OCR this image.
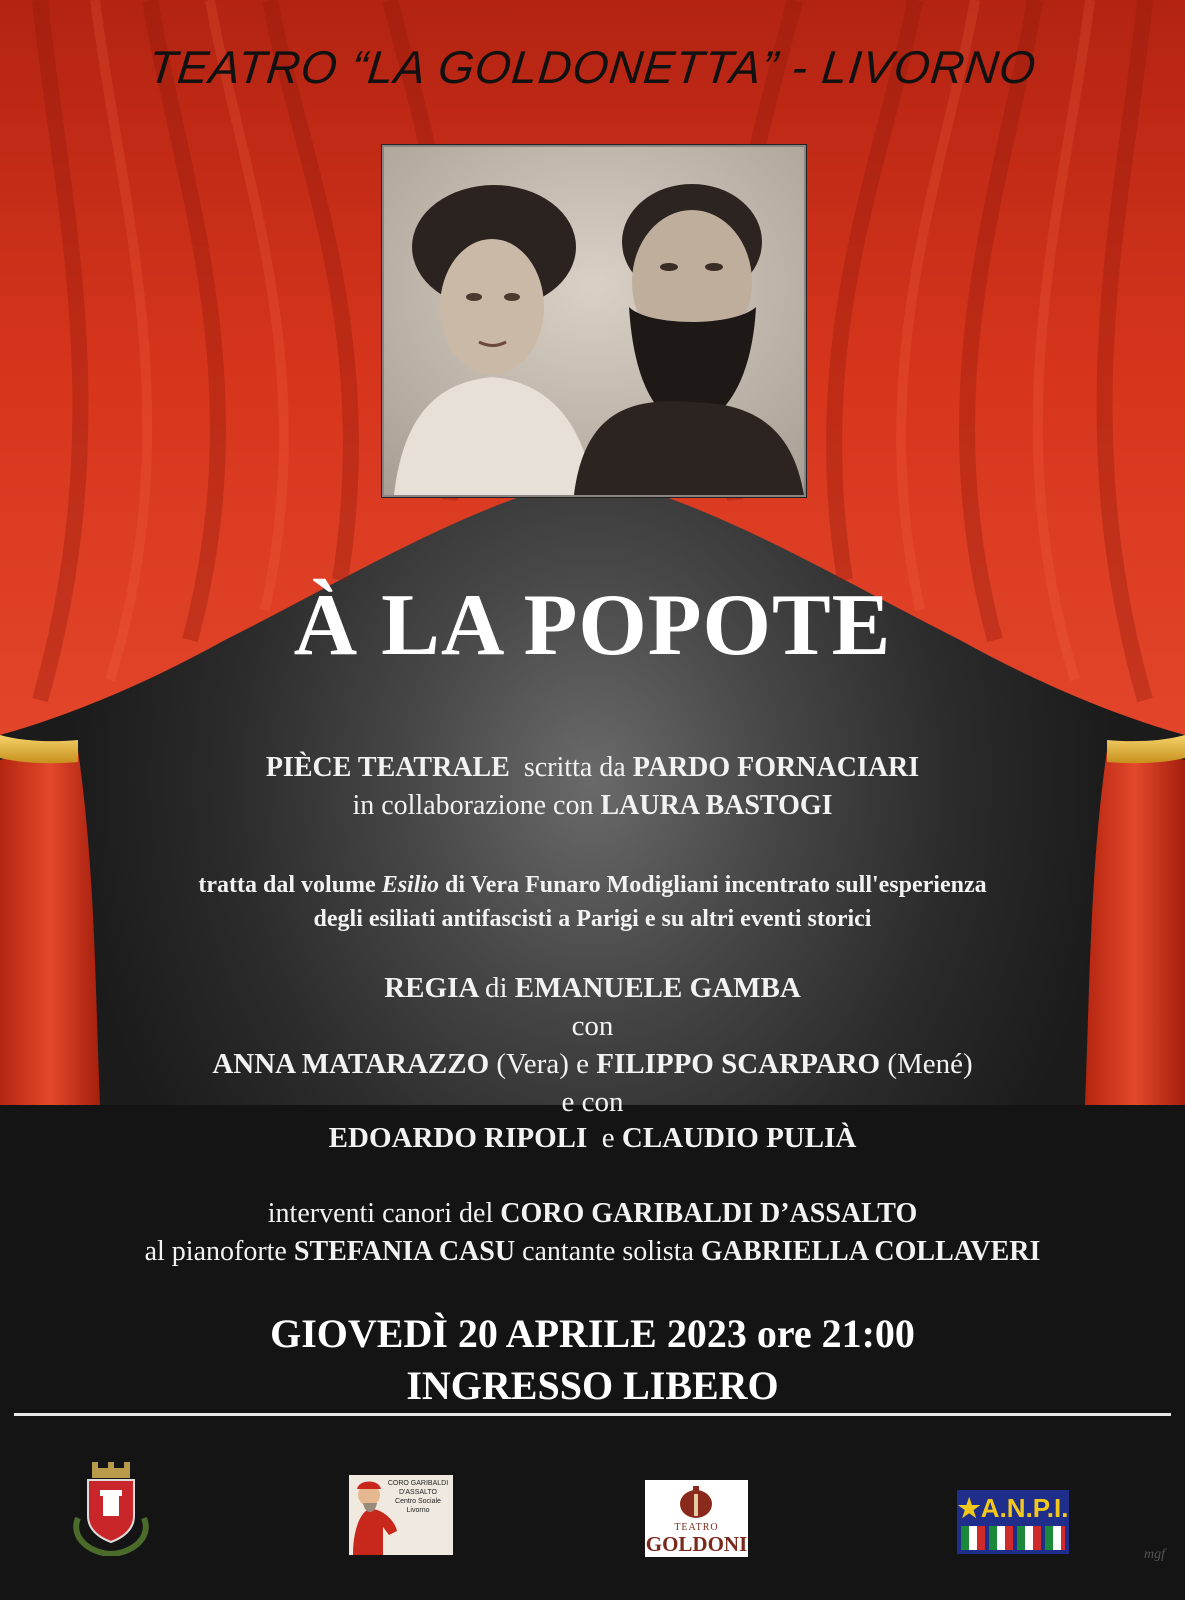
TEATRO “LA GOLDONETTA” - LIVORNO
À LA POPOTE
PIÈCE TEATRALE scritta da PARDO FORNACIARI
in collaborazione con LAURA BASTOGI
tratta dal volume Esilio di Vera Funaro Modigliani incentrato sull'esperienza
degli esiliati antifascisti a Parigi e su altri eventi storici
REGIA di EMANUELE GAMBA
con
ANNA MATARAZZO (Vera) e FILIPPO SCARPARO (Mené)
e con
EDOARDO RIPOLI e CLAUDIO PULIÀ
interventi canori del CORO GARIBALDI D’ASSALTO
al pianoforte STEFANIA CASU cantante solista GABRIELLA COLLAVERI
GIOVEDÌ 20 APRILE 2023 ore 21:00
INGRESSO LIBERO
CORO GARIBALDI
D'ASSALTO
Centro Sociale
Livorno
TEATRO
GOLDONI
★A.N.P.I.
mgf
